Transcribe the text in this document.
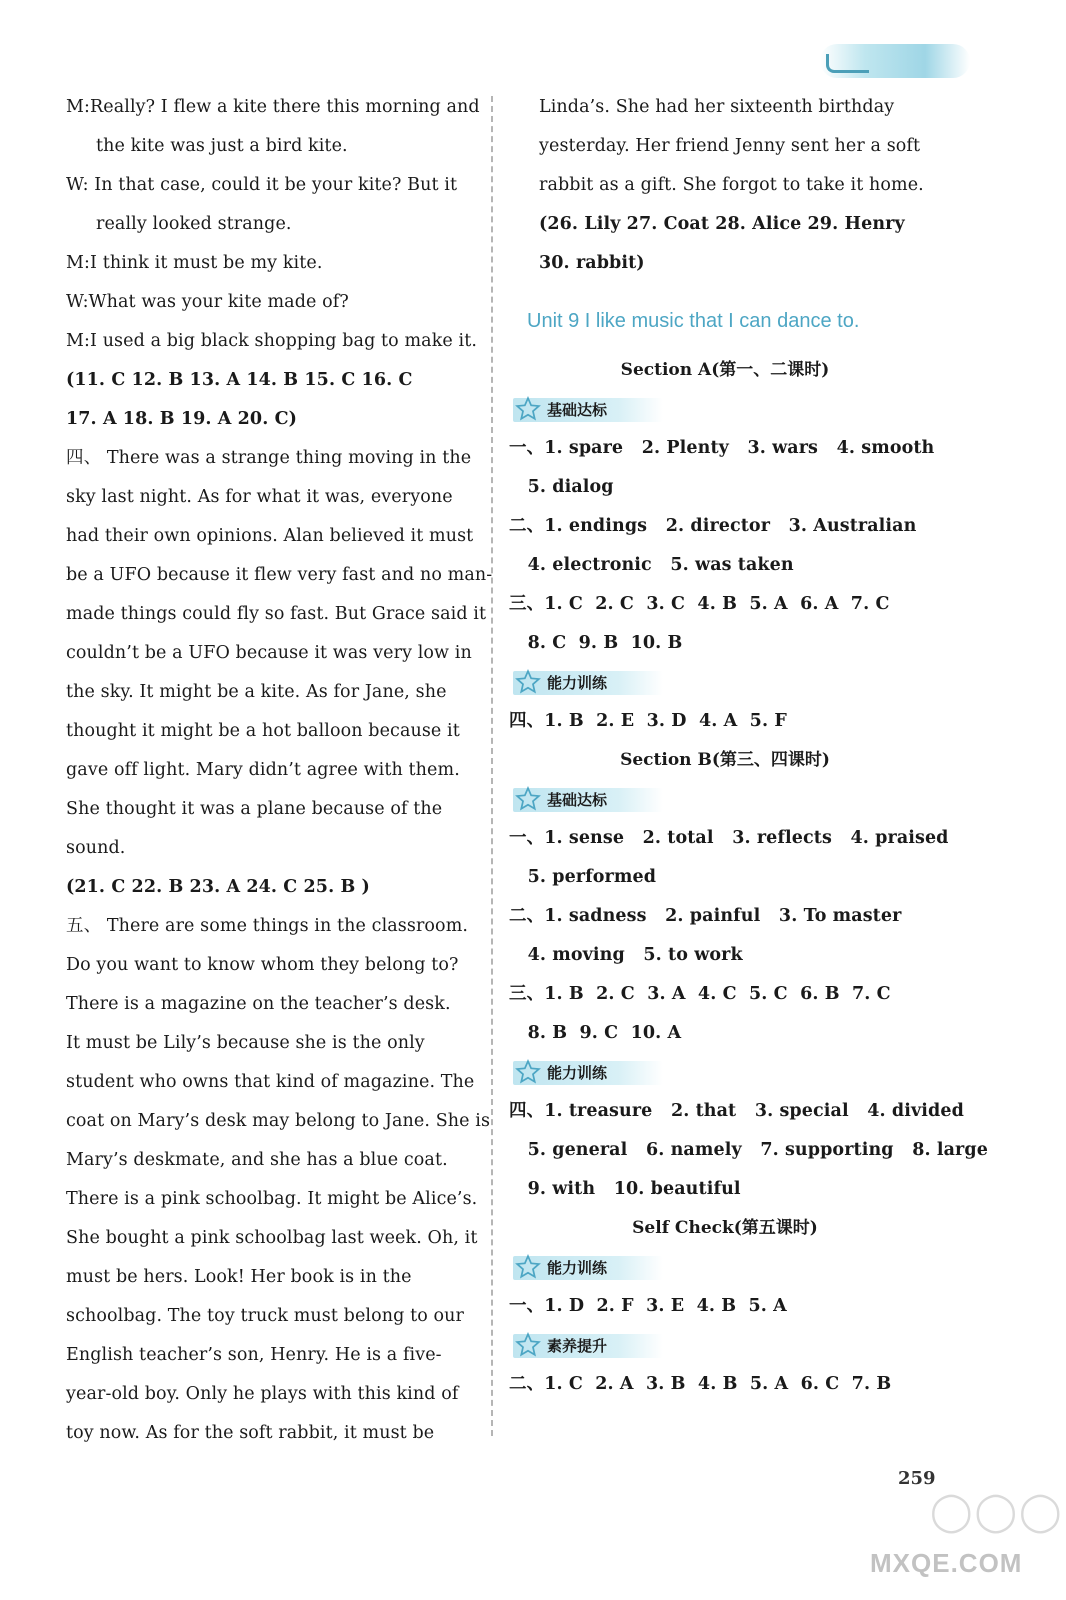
M:Really? I flew a kite there this morning and
the kite was just a bird kite.
W: In that case, could it be your kite? But it
really looked strange.
M:I think it must be my kite.
W:What was your kite made of?
M:I used a big black shopping bag to make it.
(11. C 12. B 13. A 14. B 15. C 16. C
17. A 18. B 19. A 20. C)
四、 There was a strange thing moving in the
sky last night. As for what it was, everyone
had their own opinions. Alan believed it must
be a UFO because it flew very fast and no man-
made things could fly so fast. But Grace said it
couldn’t be a UFO because it was very low in
the sky. It might be a kite. As for Jane, she
thought it might be a hot balloon because it
gave off light. Mary didn’t agree with them.
She thought it was a plane because of the
sound.
(21. C 22. B 23. A 24. C 25. B )
五、 There are some things in the classroom.
Do you want to know whom they belong to?
There is a magazine on the teacher’s desk.
It must be Lily’s because she is the only
student who owns that kind of magazine. The
coat on Mary’s desk may belong to Jane. She is
Mary’s deskmate, and she has a blue coat.
There is a pink schoolbag. It might be Alice’s.
She bought a pink schoolbag last week. Oh, it
must be hers. Look! Her book is in the
schoolbag. The toy truck must belong to our
English teacher’s son, Henry. He is a five-
year-old boy. Only he plays with this kind of
toy now. As for the soft rabbit, it must be
Linda’s. She had her sixteenth birthday
yesterday. Her friend Jenny sent her a soft
rabbit as a gift. She forgot to take it home.
(26. Lily 27. Coat 28. Alice 29. Henry
30. rabbit)
Unit 9 I like music that I can dance to.
Section A(第一、二课时)
基础达标
一、1. spare   2. Plenty   3. wars   4. smooth
5. dialog
二、1. endings   2. director   3. Australian
4. electronic   5. was taken
三、1. C  2. C  3. C  4. B  5. A  6. A  7. C
8. C  9. B  10. B
能力训练
四、1. B  2. E  3. D  4. A  5. F
Section B(第三、四课时)
基础达标
一、1. sense   2. total   3. reflects   4. praised
5. performed
二、1. sadness   2. painful   3. To master
4. moving   5. to work
三、1. B  2. C  3. A  4. C  5. C  6. B  7. C
8. B  9. C  10. A
能力训练
四、1. treasure   2. that   3. special   4. divided
5. general   6. namely   7. supporting   8. large
9. with   10. beautiful
Self Check(第五课时)
能力训练
一、1. D  2. F  3. E  4. B  5. A
素养提升
二、1. C  2. A  3. B  4. B  5. A  6. C  7. B
◯◯◯
MXQE.COM
259
